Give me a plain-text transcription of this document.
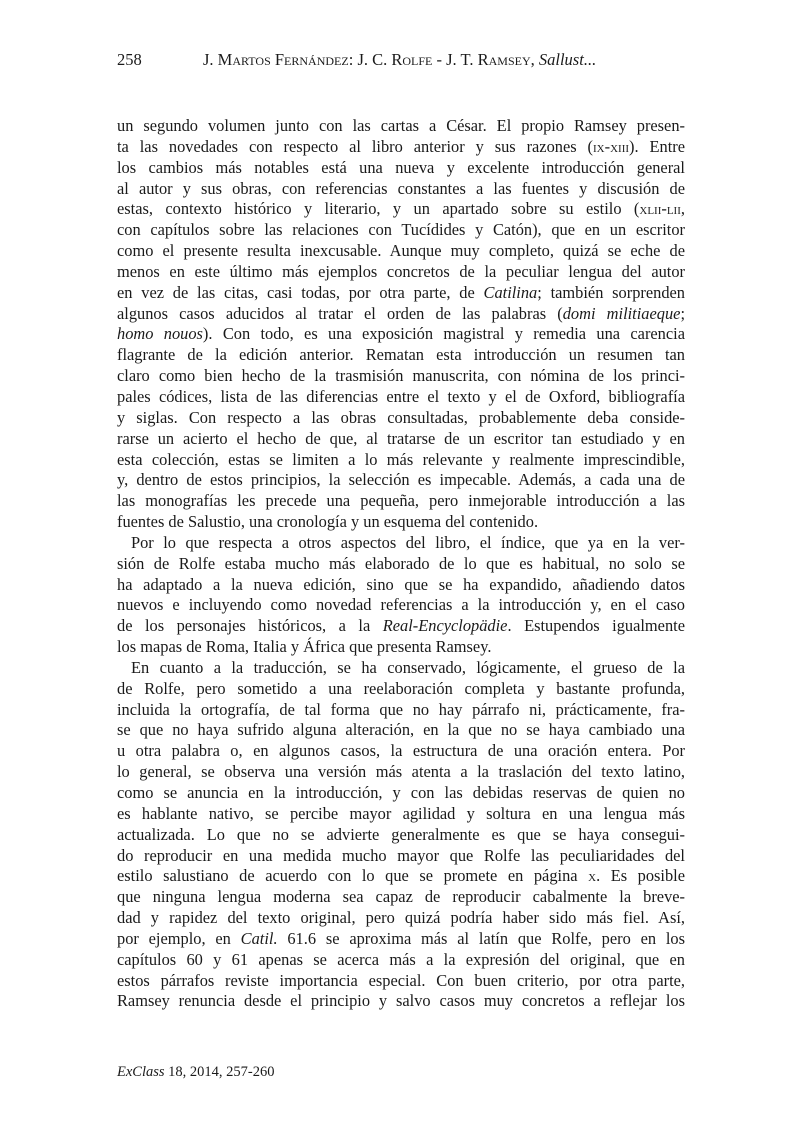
258	J. Martos Fernández: J. C. Rolfe - J. T. Ramsey, Sallust...

un segundo volumen junto con las cartas a César. El propio Ramsey presen-
ta las novedades con respecto al libro anterior y sus razones (ix-xiii). Entre
los cambios más notables está una nueva y excelente introducción general
al autor y sus obras, con referencias constantes a las fuentes y discusión de
estas, contexto histórico y literario, y un apartado sobre su estilo (xlii-lii,
con capítulos sobre las relaciones con Tucídides y Catón), que en un escritor
como el presente resulta inexcusable. Aunque muy completo, quizá se eche de
menos en este último más ejemplos concretos de la peculiar lengua del autor
en vez de las citas, casi todas, por otra parte, de Catilina; también sorprenden
algunos casos aducidos al tratar el orden de las palabras (domi militiaeque;
homo nouos). Con todo, es una exposición magistral y remedia una carencia
flagrante de la edición anterior. Rematan esta introducción un resumen tan
claro como bien hecho de la trasmisión manuscrita, con nómina de los princi-
pales códices, lista de las diferencias entre el texto y el de Oxford, bibliografía
y siglas. Con respecto a las obras consultadas, probablemente deba conside-
rarse un acierto el hecho de que, al tratarse de un escritor tan estudiado y en
esta colección, estas se limiten a lo más relevante y realmente imprescindible,
y, dentro de estos principios, la selección es impecable. Además, a cada una de
las monografías les precede una pequeña, pero inmejorable introducción a las
fuentes de Salustio, una cronología y un esquema del contenido.

Por lo que respecta a otros aspectos del libro, el índice, que ya en la ver-
sión de Rolfe estaba mucho más elaborado de lo que es habitual, no solo se
ha adaptado a la nueva edición, sino que se ha expandido, añadiendo datos
nuevos e incluyendo como novedad referencias a la introducción y, en el caso
de los personajes históricos, a la Real-Encyclopädie. Estupendos igualmente
los mapas de Roma, Italia y África que presenta Ramsey.

En cuanto a la traducción, se ha conservado, lógicamente, el grueso de la
de Rolfe, pero sometido a una reelaboración completa y bastante profunda,
incluida la ortografía, de tal forma que no hay párrafo ni, prácticamente, fra-
se que no haya sufrido alguna alteración, en la que no se haya cambiado una
u otra palabra o, en algunos casos, la estructura de una oración entera. Por
lo general, se observa una versión más atenta a la traslación del texto latino,
como se anuncia en la introducción, y con las debidas reservas de quien no
es hablante nativo, se percibe mayor agilidad y soltura en una lengua más
actualizada. Lo que no se advierte generalmente es que se haya consegui-
do reproducir en una medida mucho mayor que Rolfe las peculiaridades del
estilo salustiano de acuerdo con lo que se promete en página x. Es posible
que ninguna lengua moderna sea capaz de reproducir cabalmente la breve-
dad y rapidez del texto original, pero quizá podría haber sido más fiel. Así,
por ejemplo, en Catil. 61.6 se aproxima más al latín que Rolfe, pero en los
capítulos 60 y 61 apenas se acerca más a la expresión del original, que en
estos párrafos reviste importancia especial. Con buen criterio, por otra parte,
Ramsey renuncia desde el principio y salvo casos muy concretos a reflejar los

ExClass 18, 2014, 257-260
